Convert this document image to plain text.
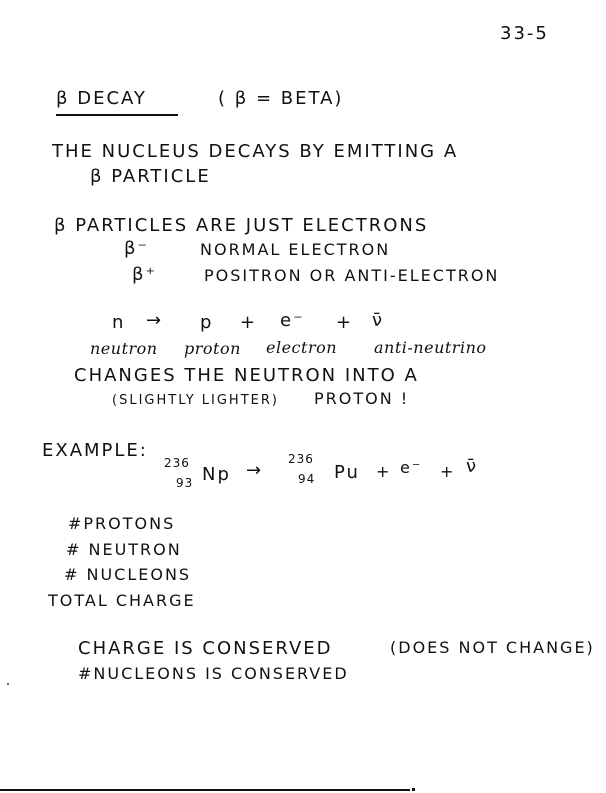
33-5
β DECAY	( β = BETA)
THE NUCLEUS DECAYS BY EMITTING A
β PARTICLE
β PARTICLES ARE JUST ELECTRONS
β⁻	NORMAL ELECTRON
β⁺	POSITRON OR ANTI-ELECTRON
n → p + e⁻ + ν̄
neutron proton electron anti-neutrino
CHANGES THE NEUTRON INTO A
(SLIGHTLY LIGHTER) PROTON !
EXAMPLE:
236
93 Np →
236
94 Pu + e⁻ + ν̄
#PROTONS
# NEUTRON
# NUCLEONS
TOTAL CHARGE
CHARGE IS CONSERVED	(DOES NOT CHANGE)
#NUCLEONS IS CONSERVED
